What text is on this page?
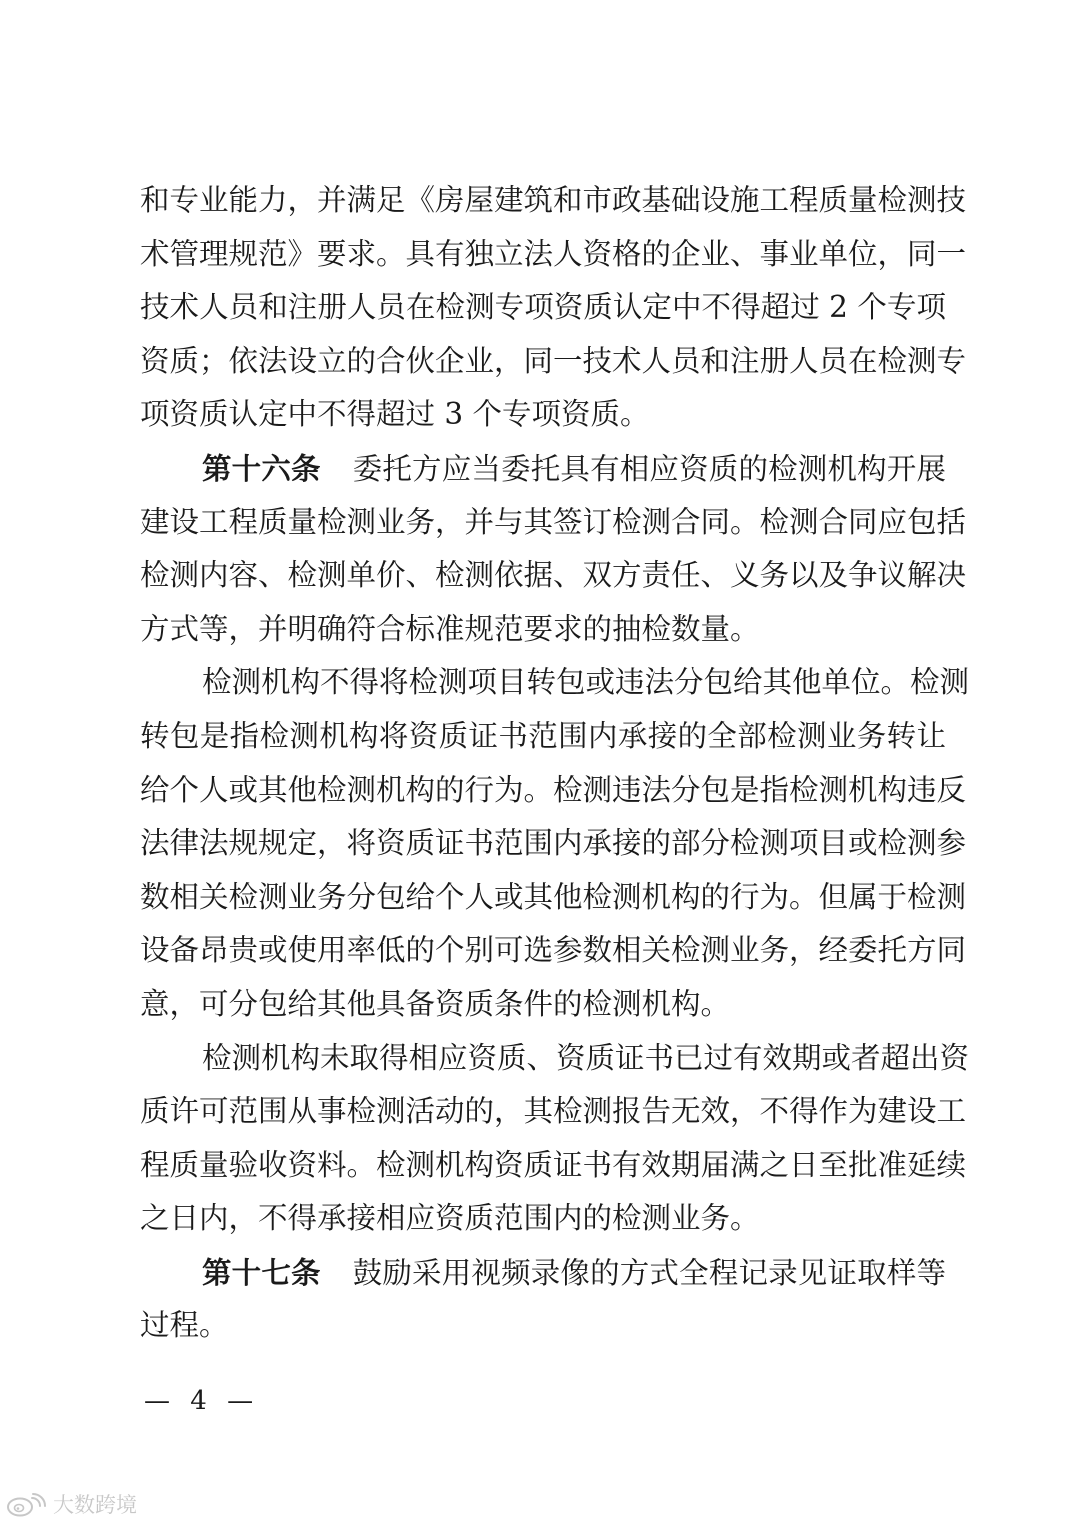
和专业能力，并满足《房屋建筑和市政基础设施工程质量检测技
术管理规范》要求。具有独立法人资格的企业、事业单位，同一
技术人员和注册人员在检测专项资质认定中不得超过 2 个专项
资质；依法设立的合伙企业，同一技术人员和注册人员在检测专
项资质认定中不得超过 3 个专项资质。
第十六条 委托方应当委托具有相应资质的检测机构开展
建设工程质量检测业务，并与其签订检测合同。检测合同应包括
检测内容、检测单价、检测依据、双方责任、义务以及争议解决
方式等，并明确符合标准规范要求的抽检数量。
检测机构不得将检测项目转包或违法分包给其他单位。检测
转包是指检测机构将资质证书范围内承接的全部检测业务转让
给个人或其他检测机构的行为。检测违法分包是指检测机构违反
法律法规规定，将资质证书范围内承接的部分检测项目或检测参
数相关检测业务分包给个人或其他检测机构的行为。但属于检测
设备昂贵或使用率低的个别可选参数相关检测业务，经委托方同
意，可分包给其他具备资质条件的检测机构。
检测机构未取得相应资质、资质证书已过有效期或者超出资
质许可范围从事检测活动的，其检测报告无效，不得作为建设工
程质量验收资料。检测机构资质证书有效期届满之日至批准延续
之日内，不得承接相应资质范围内的检测业务。
第十七条 鼓励采用视频录像的方式全程记录见证取样等
过程。
— 4 —
大数跨境
